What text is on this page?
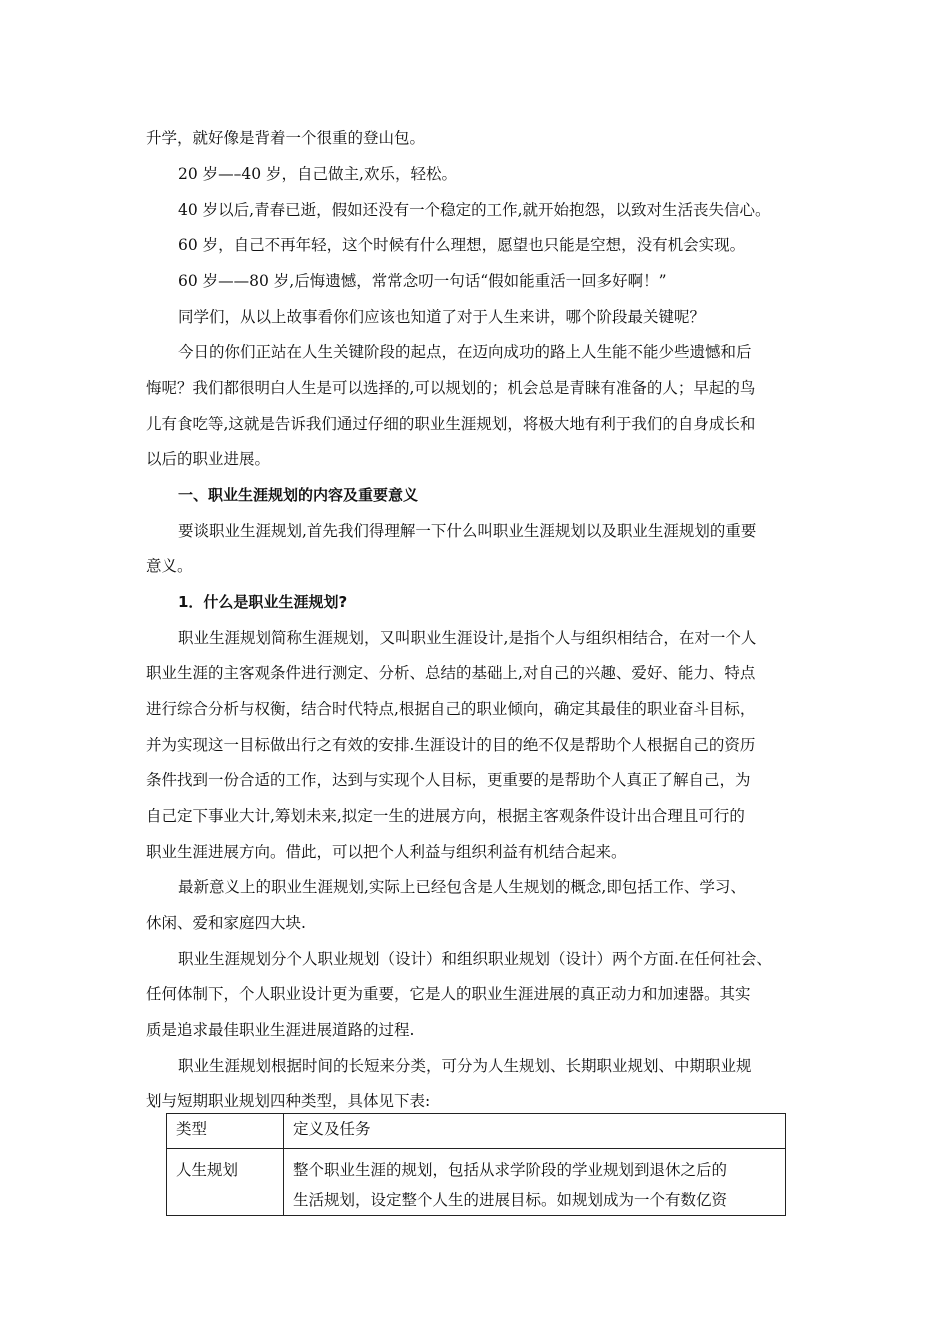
升学，就好像是背着一个很重的登山包。
20 岁—–40 岁，自己做主,欢乐，轻松。
40 岁以后,青春已逝，假如还没有一个稳定的工作,就开始抱怨，以致对生活丧失信心。
60 岁，自己不再年轻，这个时候有什么理想，愿望也只能是空想，没有机会实现。
60 岁——80 岁,后悔遗憾，常常念叨一句话“假如能重活一回多好啊！”
同学们，从以上故事看你们应该也知道了对于人生来讲，哪个阶段最关键呢？
今日的你们正站在人生关键阶段的起点，在迈向成功的路上人生能不能少些遗憾和后
悔呢？我们都很明白人生是可以选择的,可以规划的；机会总是青睐有准备的人；早起的鸟
儿有食吃等,这就是告诉我们通过仔细的职业生涯规划，将极大地有利于我们的自身成长和
以后的职业进展。
一、职业生涯规划的内容及重要意义
要谈职业生涯规划,首先我们得理解一下什么叫职业生涯规划以及职业生涯规划的重要
意义。
1．什么是职业生涯规划?
职业生涯规划简称生涯规划，又叫职业生涯设计,是指个人与组织相结合，在对一个人
职业生涯的主客观条件进行测定、分析、总结的基础上,对自己的兴趣、爱好、能力、特点
进行综合分析与权衡，结合时代特点,根据自己的职业倾向，确定其最佳的职业奋斗目标，
并为实现这一目标做出行之有效的安排.生涯设计的目的绝不仅是帮助个人根据自己的资历
条件找到一份合适的工作，达到与实现个人目标，更重要的是帮助个人真正了解自己，为
自己定下事业大计,筹划未来,拟定一生的进展方向，根据主客观条件设计出合理且可行的
职业生涯进展方向。借此，可以把个人利益与组织利益有机结合起来。
最新意义上的职业生涯规划,实际上已经包含是人生规划的概念,即包括工作、学习、
休闲、爱和家庭四大块.
职业生涯规划分个人职业规划（设计）和组织职业规划（设计）两个方面.在任何社会、
任何体制下，个人职业设计更为重要，它是人的职业生涯进展的真正动力和加速器。其实
质是追求最佳职业生涯进展道路的过程.
职业生涯规划根据时间的长短来分类，可分为人生规划、长期职业规划、中期职业规
划与短期职业规划四种类型，具体见下表:
类型	定义及任务

人生规划	整个职业生涯的规划，包括从求学阶段的学业规划到退休之后的
生活规划，设定整个人生的进展目标。如规划成为一个有数亿资
